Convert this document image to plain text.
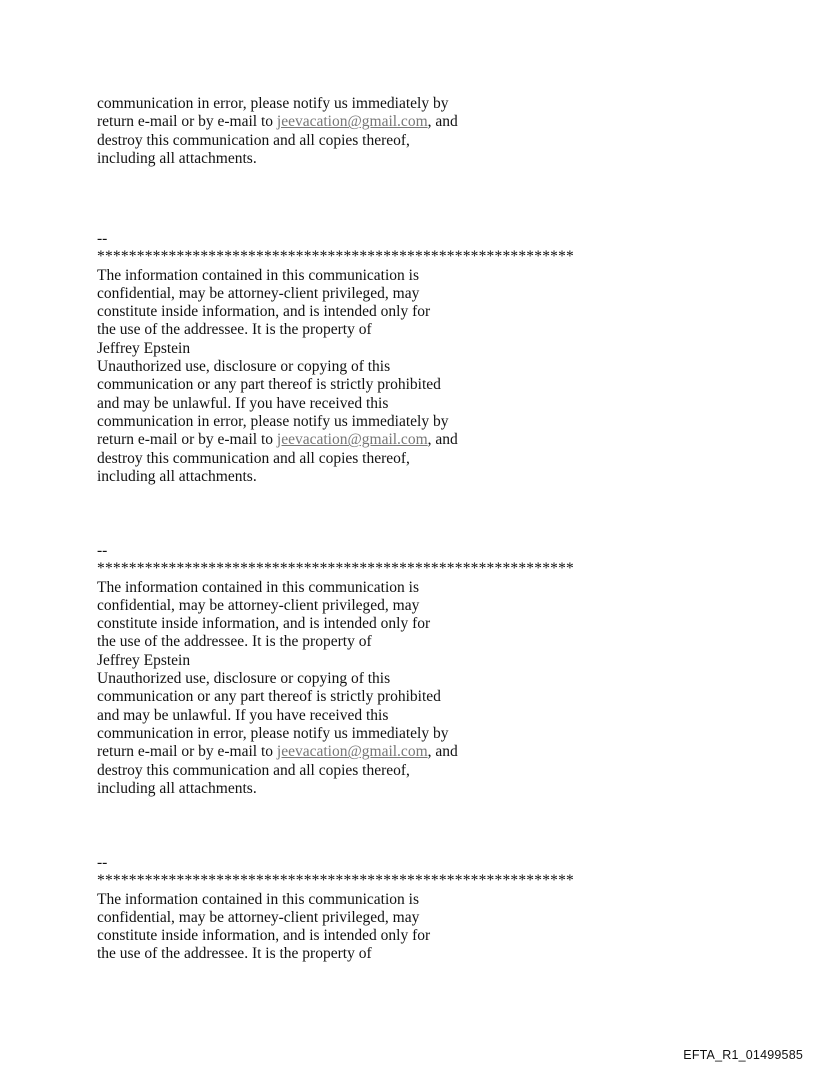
communication in error, please notify us immediately by
return e-mail or by e-mail to jeevacation@gmail.com, and
destroy this communication and all copies thereof,
including all attachments.
--
************************************************************
The information contained in this communication is
confidential, may be attorney-client privileged, may
constitute inside information, and is intended only for
the use of the addressee. It is the property of
Jeffrey Epstein
Unauthorized use, disclosure or copying of this
communication or any part thereof is strictly prohibited
and may be unlawful. If you have received this
communication in error, please notify us immediately by
return e-mail or by e-mail to jeevacation@gmail.com, and
destroy this communication and all copies thereof,
including all attachments.
--
************************************************************
The information contained in this communication is
confidential, may be attorney-client privileged, may
constitute inside information, and is intended only for
the use of the addressee. It is the property of
Jeffrey Epstein
Unauthorized use, disclosure or copying of this
communication or any part thereof is strictly prohibited
and may be unlawful. If you have received this
communication in error, please notify us immediately by
return e-mail or by e-mail to jeevacation@gmail.com, and
destroy this communication and all copies thereof,
including all attachments.
--
************************************************************
The information contained in this communication is
confidential, may be attorney-client privileged, may
constitute inside information, and is intended only for
the use of the addressee. It is the property of
EFTA_R1_01499585
